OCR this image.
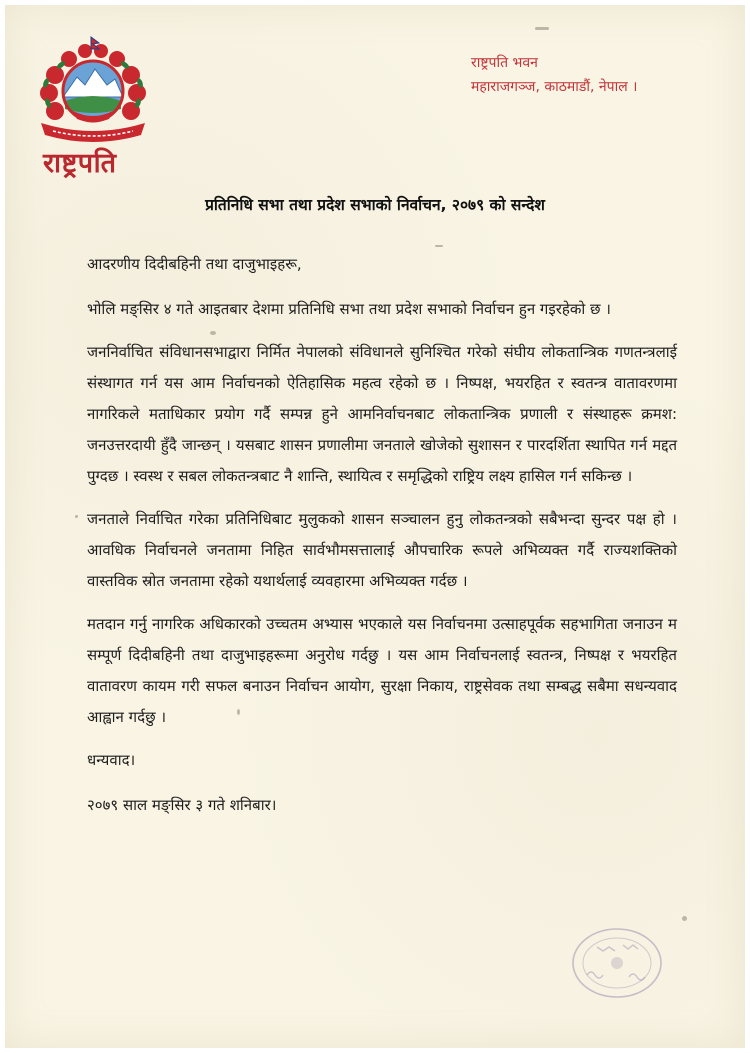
राष्ट्रपति
राष्ट्रपति भवन
महाराजगञ्ज, काठमाडौं, नेपाल ।
प्रतिनिधि सभा तथा प्रदेश सभाको निर्वाचन, २०७९ को सन्देश

आदरणीय दिदीबहिनी तथा दाजुभाइहरू,

भोलि मङ्सिर ४ गते आइतबार देशमा प्रतिनिधि सभा तथा प्रदेश सभाको निर्वाचन हुन गइरहेको छ ।

जननिर्वाचित संविधानसभाद्वारा निर्मित नेपालको संविधानले सुनिश्चित गरेको संघीय लोकतान्त्रिक गणतन्त्रलाई संस्थागत गर्न यस आम निर्वाचनको ऐतिहासिक महत्व रहेको छ । निष्पक्ष, भयरहित र स्वतन्त्र वातावरणमा नागरिकले मताधिकार प्रयोग गर्दै सम्पन्न हुने आमनिर्वाचनबाट लोकतान्त्रिक प्रणाली र संस्थाहरू क्रमश: जनउत्तरदायी हुँदै जान्छन् । यसबाट शासन प्रणालीमा जनताले खोजेको सुशासन र पारदर्शिता स्थापित गर्न मद्दत पुग्दछ । स्वस्थ र सबल लोकतन्त्रबाट नै शान्ति, स्थायित्व र समृद्धिको राष्ट्रिय लक्ष्य हासिल गर्न सकिन्छ ।

जनताले निर्वाचित गरेका प्रतिनिधिबाट मुलुकको शासन सञ्चालन हुनु लोकतन्त्रको सबैभन्दा सुन्दर पक्ष हो । आवधिक निर्वाचनले जनतामा निहित सार्वभौमसत्तालाई औपचारिक रूपले अभिव्यक्त गर्दै राज्यशक्तिको वास्तविक स्रोत जनतामा रहेको यथार्थलाई व्यवहारमा अभिव्यक्त गर्दछ ।

मतदान गर्नु नागरिक अधिकारको उच्चतम अभ्यास भएकाले यस निर्वाचनमा उत्साहपूर्वक सहभागिता जनाउन म सम्पूर्ण दिदीबहिनी तथा दाजुभाइहरूमा अनुरोध गर्दछु । यस आम निर्वाचनलाई स्वतन्त्र, निष्पक्ष र भयरहित वातावरण कायम गरी सफल बनाउन निर्वाचन आयोग, सुरक्षा निकाय, राष्ट्रसेवक तथा सम्बद्ध सबैमा सधन्यवाद आह्वान गर्दछु ।

धन्यवाद।

२०७९ साल मङ्सिर ३ गते शनिबार।
